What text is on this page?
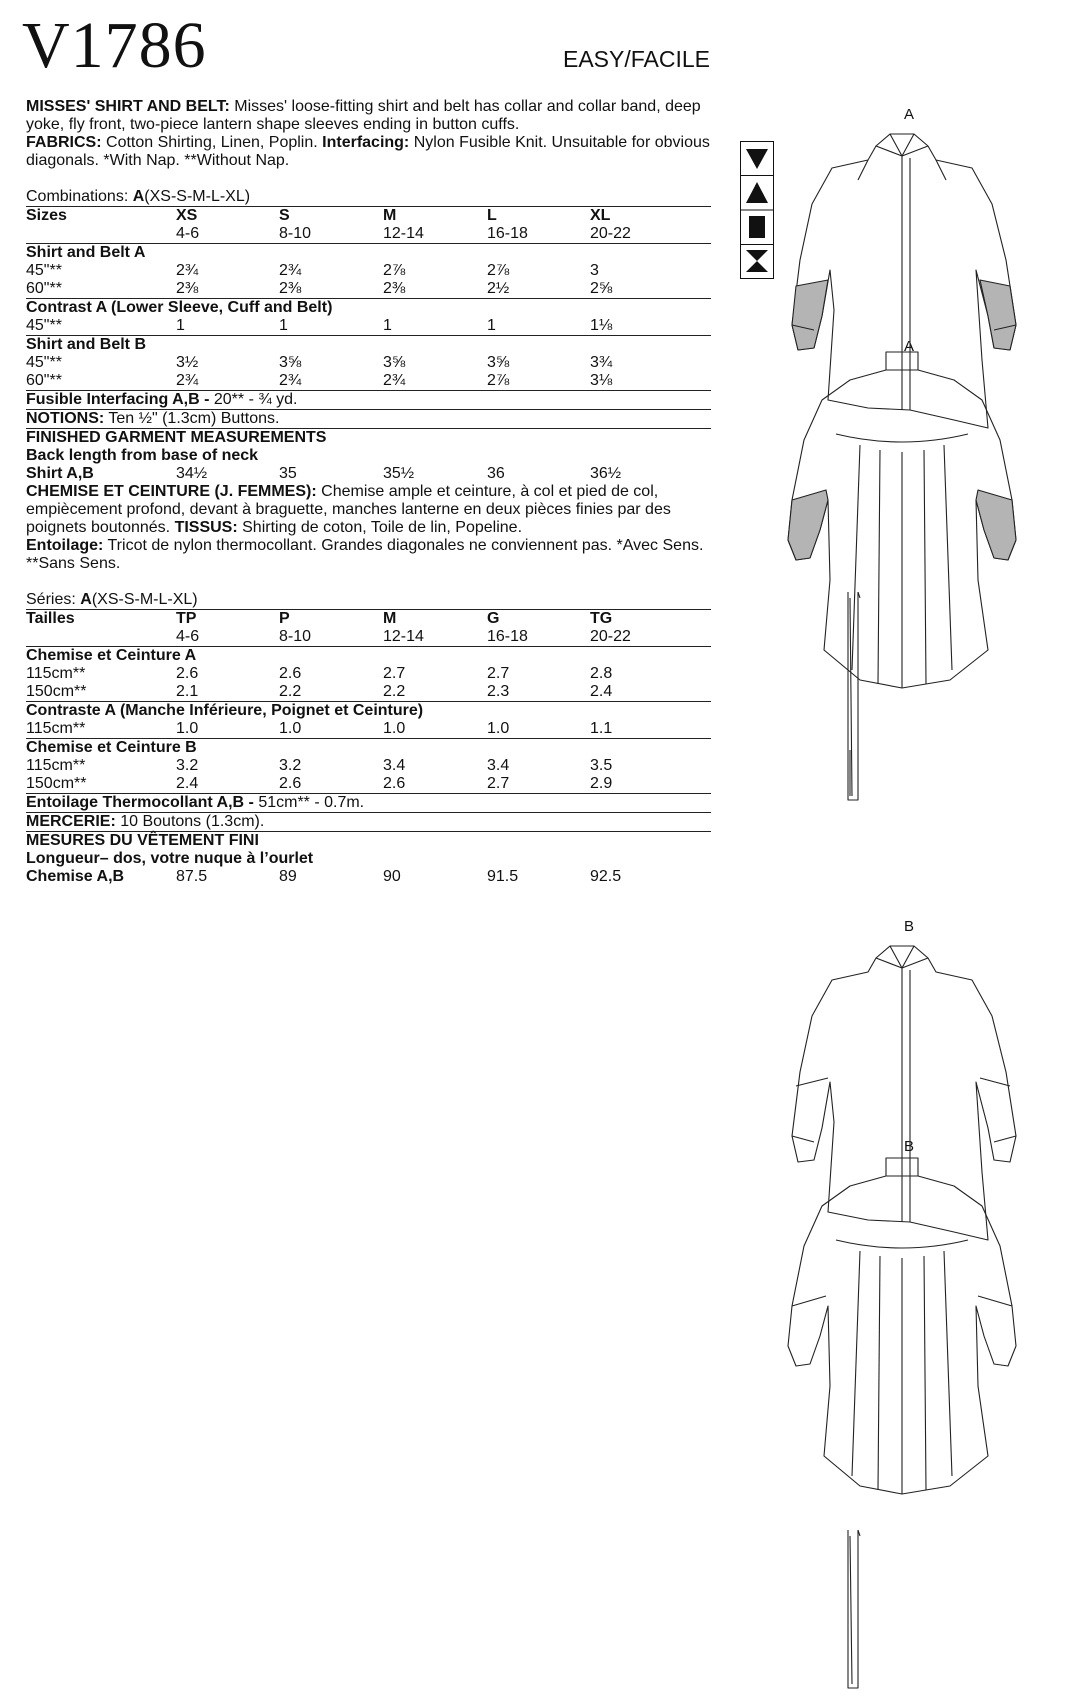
V1786	EASY/FACILE

MISSES' SHIRT AND BELT: Misses' loose-fitting shirt and belt has collar and collar band, deep yoke, fly front, two-piece lantern shape sleeves ending in button cuffs.
FABRICS: Cotton Shirting, Linen, Poplin. Interfacing: Nylon Fusible Knit. Unsuitable for obvious diagonals. *With Nap. **Without Nap.

Combinations: A(XS-S-M-L-XL)
Sizes	XS	S	M	L	XL
	4-6	8-10	12-14	16-18	20-22
Shirt and Belt A					
45"**	2¾	2¾	2⅞	2⅞	3
60"**	2⅜	2⅜	2⅜	2½	2⅝
Contrast A (Lower Sleeve, Cuff and Belt)					
45"**	1	1	1	1	1⅛
Shirt and Belt B					
45"**	3½	3⅝	3⅝	3⅝	3¾
60"**	2¾	2¾	2¾	2⅞	3⅛
Fusible Interfacing A,B - 20** - ¾ yd.					
NOTIONS: Ten ½" (1.3cm) Buttons.					
FINISHED GARMENT MEASUREMENTS					
Back length from base of neck					
Shirt A,B	34½	35	35½	36	36½

CHEMISE ET CEINTURE (J. FEMMES): Chemise ample et ceinture, à col et pied de col, empiècement profond, devant à braguette, manches lanterne en deux pièces finies par des poignets boutonnés. TISSUS: Shirting de coton, Toile de lin, Popeline.
Entoilage: Tricot de nylon thermocollant. Grandes diagonales ne conviennent pas. *Avec Sens. **Sans Sens.

Séries: A(XS-S-M-L-XL)
Tailles	TP	P	M	G	TG
	4-6	8-10	12-14	16-18	20-22
Chemise et Ceinture A					
115cm**	2.6	2.6	2.7	2.7	2.8
150cm**	2.1	2.2	2.2	2.3	2.4
Contraste A (Manche Inférieure, Poignet et Ceinture)					
115cm**	1.0	1.0	1.0	1.0	1.1
Chemise et Ceinture B					
115cm**	3.2	3.2	3.4	3.4	3.5
150cm**	2.4	2.6	2.6	2.7	2.9
Entoilage Thermocollant A,B - 51cm** - 0.7m.					
MERCERIE: 10 Boutons (1.3cm).					
MESURES DU VÊTEMENT FINI					
Longueur– dos, votre nuque à l’ourlet					
Chemise A,B	87.5	89	90	91.5	92.5
A
A
B
B
